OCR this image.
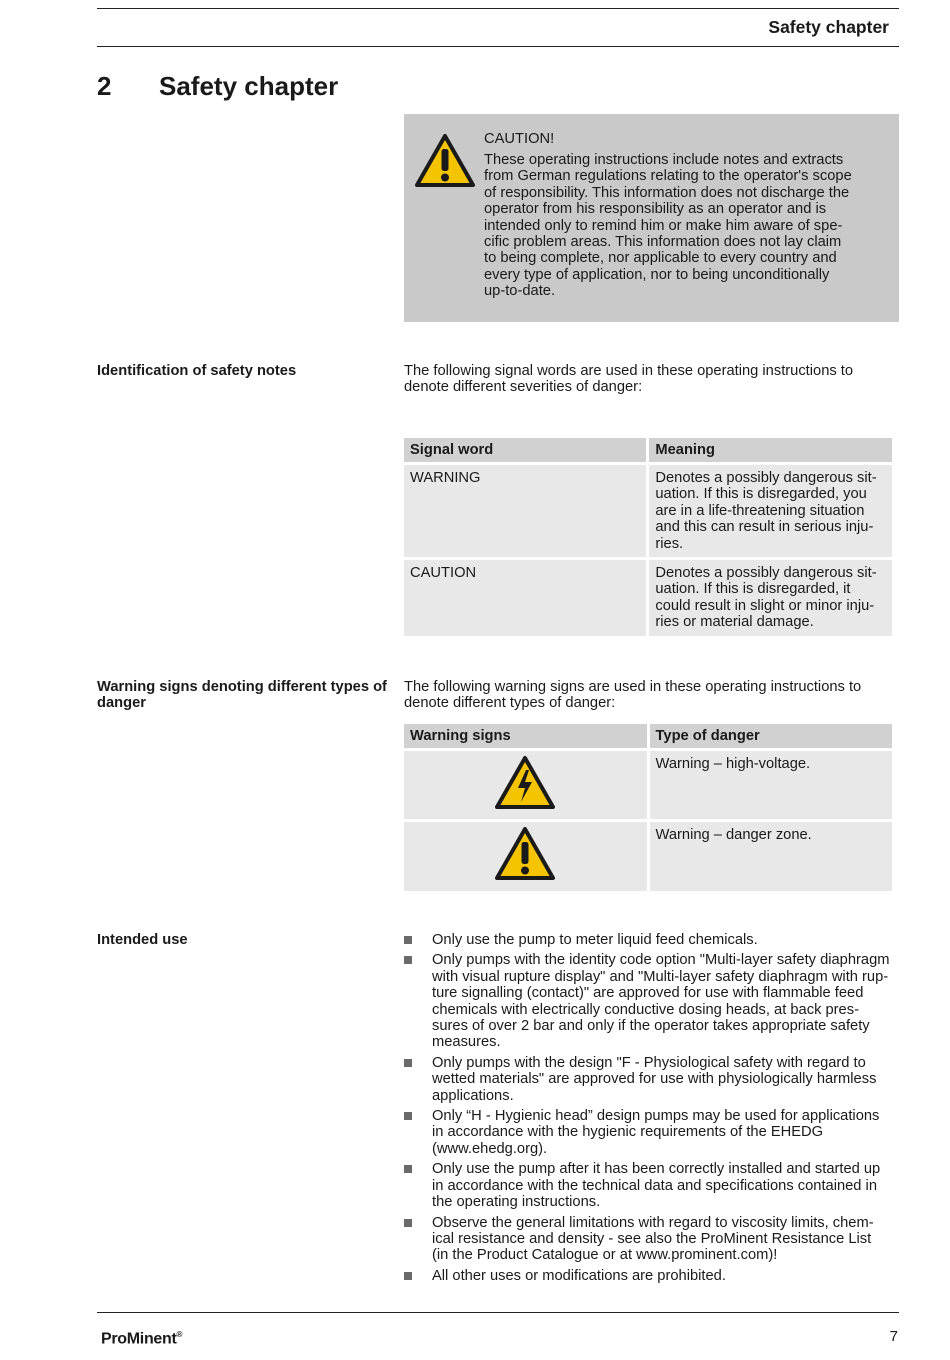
Safety chapter
2 Safety chapter
CAUTION!
These operating instructions include notes and extracts
from German regulations relating to the operator's scope
of responsibility. This information does not discharge the
operator from his responsibility as an operator and is
intended only to remind him or make him aware of spe-
cific problem areas. This information does not lay claim
to being complete, nor applicable to every country and
every type of application, nor to being unconditionally
up-to-date.
Identification of safety notes	The following signal words are used in these operating instructions to
denote different severities of danger:
Signal word	Meaning
WARNING	Denotes a possibly dangerous sit-
uation. If this is disregarded, you
are in a life-threatening situation
and this can result in serious inju-
ries.

CAUTION	Denotes a possibly dangerous sit-
uation. If this is disregarded, it
could result in slight or minor inju-
ries or material damage.
Warning signs denoting different types of
danger
The following warning signs are used in these operating instructions to
denote different types of danger:
Warning signs	Type of danger
	Warning – high-voltage.
	Warning – danger zone.
Intended use	Only use the pump to meter liquid feed chemicals.
Only pumps with the identity code option "Multi-layer safety diaphragm
with visual rupture display" and "Multi-layer safety diaphragm with rup-
ture signalling (contact)" are approved for use with flammable feed
chemicals with electrically conductive dosing heads, at back pres-
sures of over 2 bar and only if the operator takes appropriate safety
measures.
Only pumps with the design "F - Physiological safety with regard to
wetted materials" are approved for use with physiologically harmless
applications.
Only “H - Hygienic head” design pumps may be used for applications
in accordance with the hygienic requirements of the EHEDG
(www.ehedg.org).
Only use the pump after it has been correctly installed and started up
in accordance with the technical data and specifications contained in
the operating instructions.
Observe the general limitations with regard to viscosity limits, chem-
ical resistance and density - see also the ProMinent Resistance List
(in the Product Catalogue or at www.prominent.com)!
All other uses or modifications are prohibited.
ProMinent®	7
